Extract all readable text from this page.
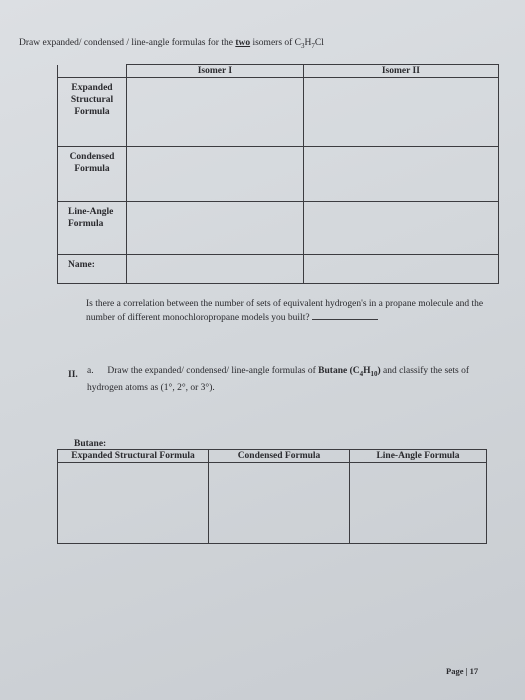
Draw expanded/ condensed / line-angle formulas for the two isomers of $C_3H_7Cl$
	Isomer I	Isomer II

Expanded
Structural
Formula		

Condensed
Formula		

Line-Angle
Formula		

Name:		

Is there a correlation between the number of sets of equivalent hydrogen's in a propane molecule and the number of different monochloropropane models you built?
II. a. Draw the expanded/ condensed/ line-angle formulas of Butane $(C_4H_{10})$ and classify the sets of hydrogen atoms as (1°, 2°, or 3°).
Butane:
Expanded Structural Formula	Condensed Formula	Line-Angle Formula

Page | 17
